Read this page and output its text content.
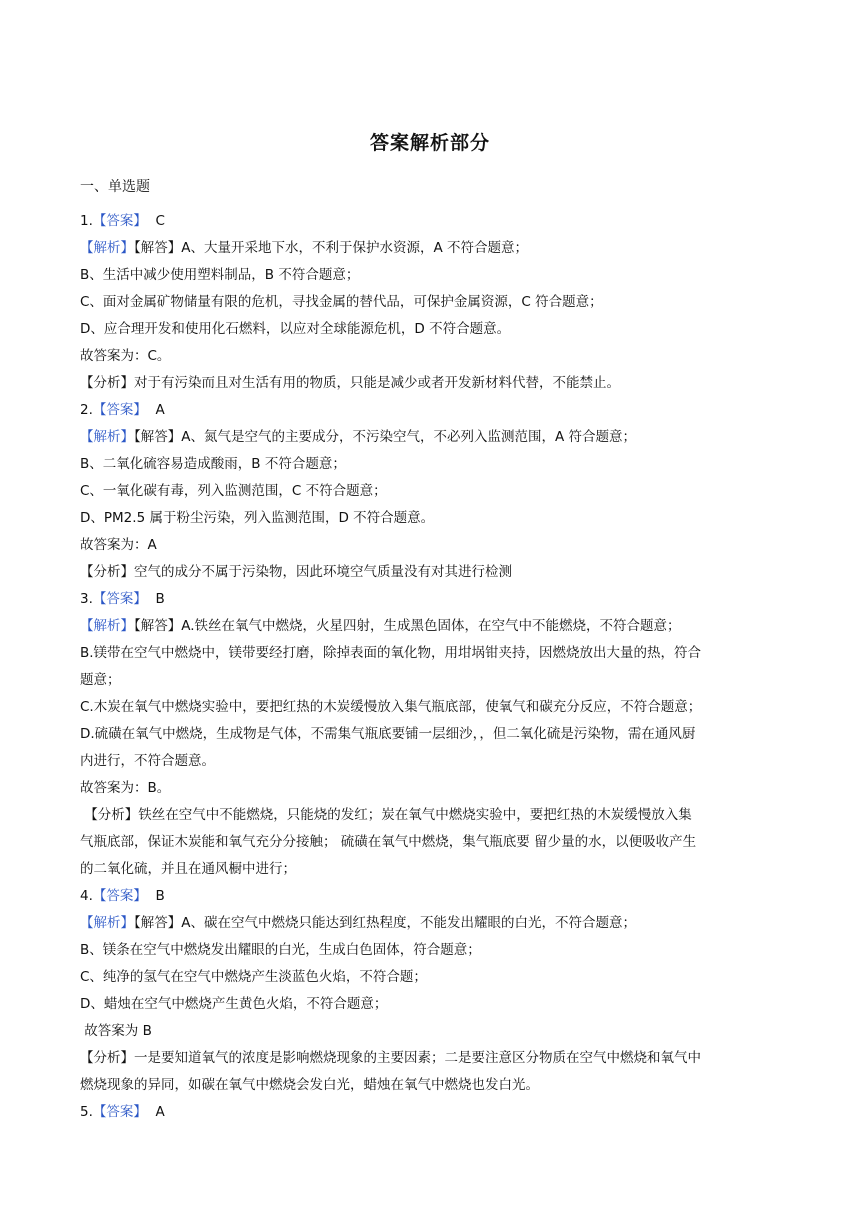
答案解析部分
一、单选题
1.【答案】 C
【解析】【解答】A、大量开采地下水，不利于保护水资源，A 不符合题意；
B、生活中减少使用塑料制品，B 不符合题意；
C、面对金属矿物储量有限的危机，寻找金属的替代品，可保护金属资源，C 符合题意；
D、应合理开发和使用化石燃料，以应对全球能源危机，D 不符合题意。
故答案为：C。
【分析】对于有污染而且对生活有用的物质，只能是减少或者开发新材料代替，不能禁止。
2.【答案】 A
【解析】【解答】A、氮气是空气的主要成分，不污染空气，不必列入监测范围，A 符合题意；
B、二氧化硫容易造成酸雨，B 不符合题意；
C、一氧化碳有毒，列入监测范围，C 不符合题意；
D、PM2.5 属于粉尘污染，列入监测范围，D 不符合题意。
故答案为：A
【分析】空气的成分不属于污染物，因此环境空气质量没有对其进行检测
3.【答案】 B
【解析】【解答】A.铁丝在氧气中燃烧，火星四射，生成黑色固体，在空气中不能燃烧，不符合题意；
B.镁带在空气中燃烧中，镁带要经打磨，除掉表面的氧化物，用坩埚钳夹持，因燃烧放出大量的热，符合
题意；
C.木炭在氧气中燃烧实验中，要把红热的木炭缓慢放入集气瓶底部，使氧气和碳充分反应，不符合题意；
D.硫磺在氧气中燃烧，生成物是气体，不需集气瓶底要铺一层细沙，，但二氧化硫是污染物，需在通风厨
内进行，不符合题意。
故答案为：B。
【分析】铁丝在空气中不能燃烧，只能烧的发红；炭在氧气中燃烧实验中，要把红热的木炭缓慢放入集
气瓶底部，保证木炭能和氧气充分分接触； 硫磺在氧气中燃烧，集气瓶底要 留少量的水，以便吸收产生
的二氧化硫，并且在通风橱中进行；
4.【答案】 B
【解析】【解答】A、碳在空气中燃烧只能达到红热程度，不能发出耀眼的白光，不符合题意；
B、镁条在空气中燃烧发出耀眼的白光，生成白色固体，符合题意；
C、纯净的氢气在空气中燃烧产生淡蓝色火焰，不符合题；
D、蜡烛在空气中燃烧产生黄色火焰，不符合题意；
故答案为 B
【分析】一是要知道氧气的浓度是影响燃烧现象的主要因素；二是要注意区分物质在空气中燃烧和氧气中
燃烧现象的异同，如碳在氧气中燃烧会发白光，蜡烛在氧气中燃烧也发白光。
5.【答案】 A
